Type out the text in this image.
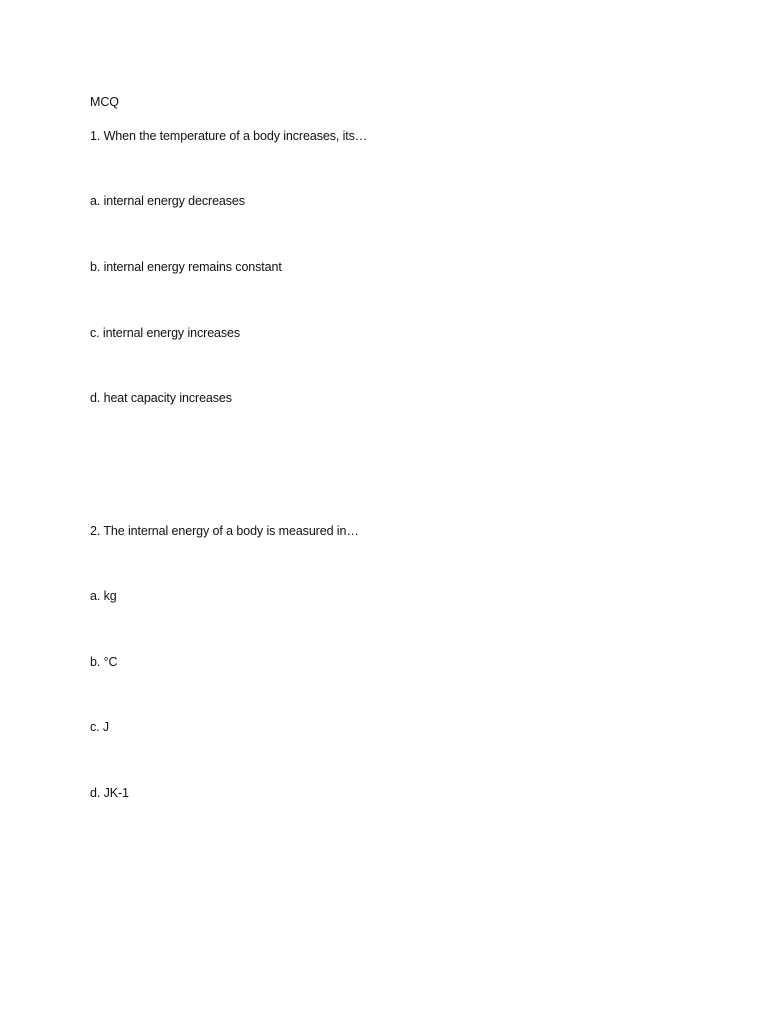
MCQ
1. When the temperature of a body increases, its…
a. internal energy decreases
b. internal energy remains constant
c. internal energy increases
d. heat capacity increases
2. The internal energy of a body is measured in…
a. kg
b. °C
c. J
d. JK-1
